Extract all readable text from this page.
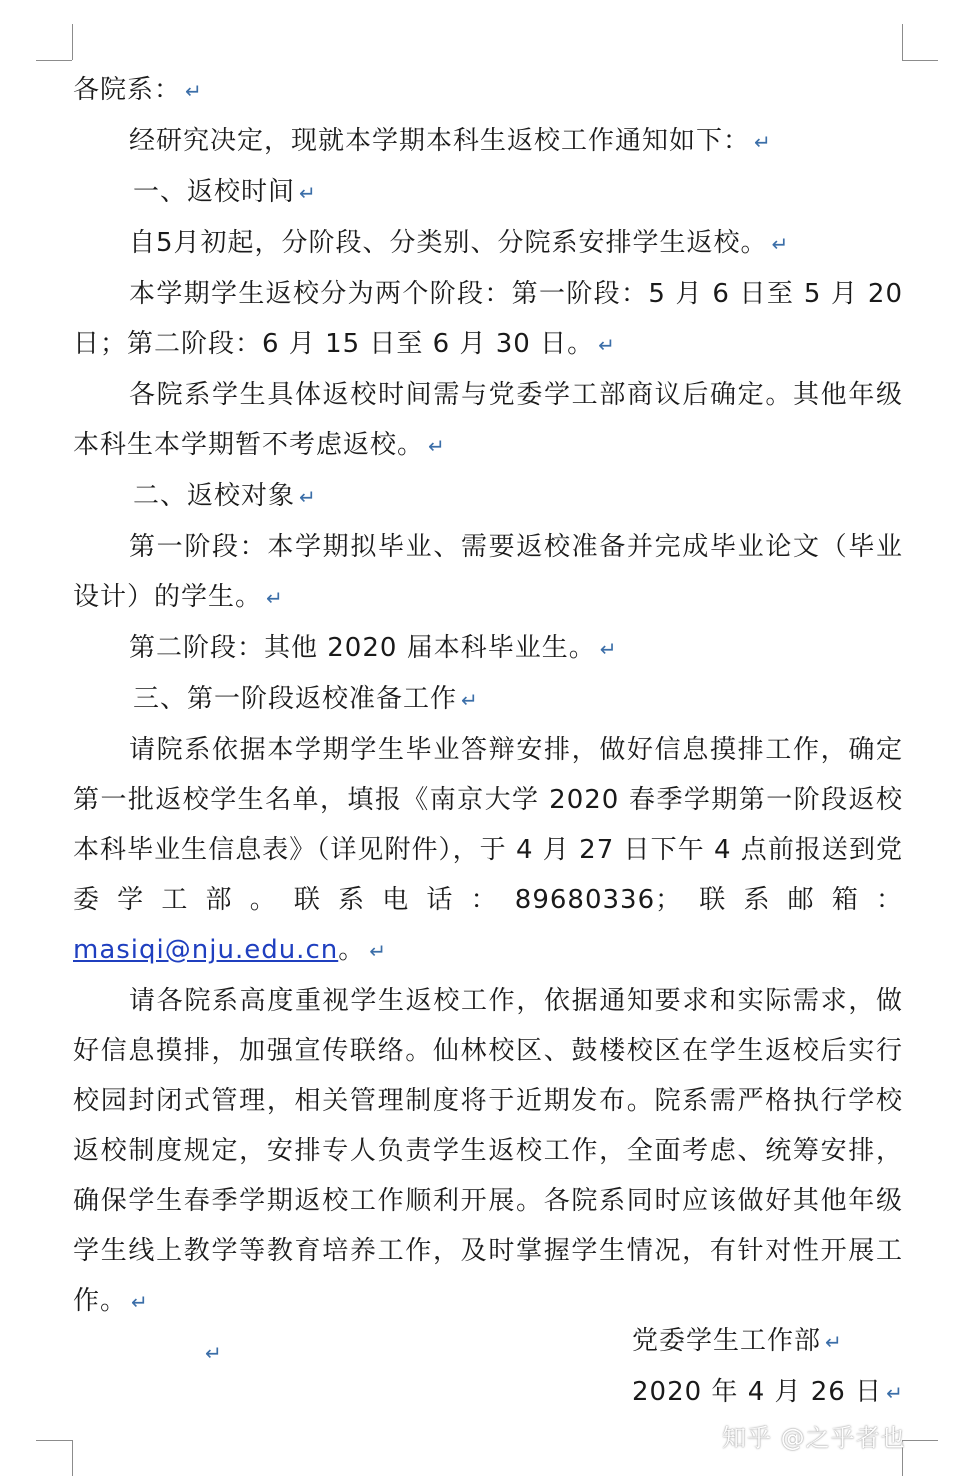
各院系： ↵

经研究决定，现就本学期本科生返校工作通知如下： ↵

一、返校时间 ↵

自5月初起，分阶段、分类别、分院系安排学生返校。 ↵

本学期学生返校分为两个阶段：第一阶段：5 月 6 日至 5 月 20 日；第二阶段：6 月 15 日至 6 月 30 日。 ↵

各院系学生具体返校时间需与党委学工部商议后确定。其他年级本科生本学期暂不考虑返校。 ↵

二、返校对象 ↵

第一阶段：本学期拟毕业、需要返校准备并完成毕业论文（毕业设计）的学生。 ↵

第二阶段：其他 2020 届本科毕业生。 ↵

三、第一阶段返校准备工作 ↵

请院系依据本学期学生毕业答辩安排，做好信息摸排工作，确定第一批返校学生名单，填报《南京大学 2020 春季学期第一阶段返校本科毕业生信息表》（详见附件），于 4 月 27 日下午 4 点前报送到党委学工部。联系电话：89680336；联系邮箱：masiqi@nju.edu.cn。 ↵

请各院系高度重视学生返校工作，依据通知要求和实际需求，做好信息摸排，加强宣传联络。仙林校区、鼓楼校区在学生返校后实行校园封闭式管理，相关管理制度将于近期发布。院系需严格执行学校返校制度规定，安排专人负责学生返校工作，全面考虑、统筹安排，确保学生春季学期返校工作顺利开展。各院系同时应该做好其他年级学生线上教学等教育培养工作，及时掌握学生情况，有针对性开展工作。 ↵

↵	党委学生工作部 ↵
2020 年 4 月 26 日 ↵
知乎 @之乎者也
